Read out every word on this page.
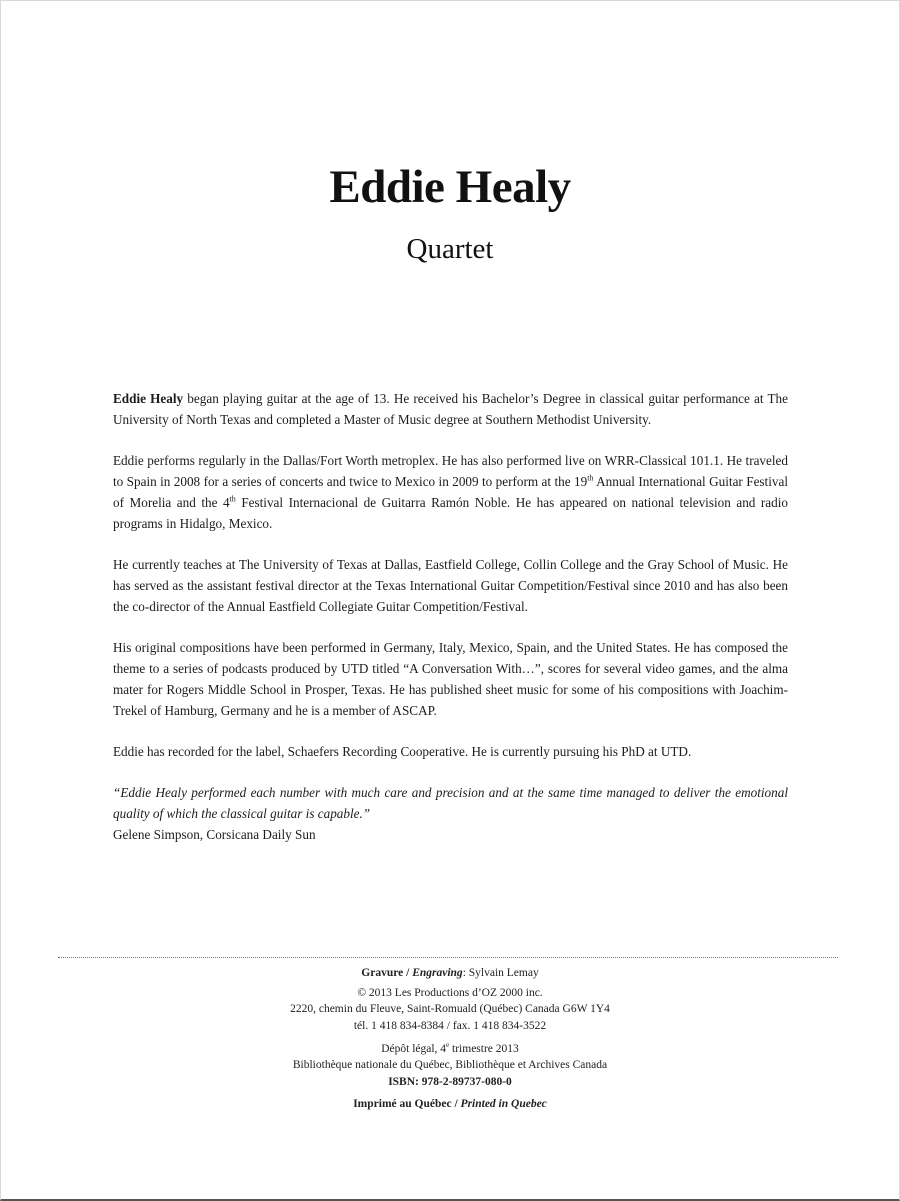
Eddie Healy
Quartet

Eddie Healy began playing guitar at the age of 13. He received his Bachelor’s Degree in classical guitar performance at The University of North Texas and completed a Master of Music degree at Southern Methodist University.

Eddie performs regularly in the Dallas/Fort Worth metroplex. He has also performed live on WRR-Classical 101.1. He traveled to Spain in 2008 for a series of concerts and twice to Mexico in 2009 to perform at the 19th Annual International Guitar Festival of Morelia and the 4th Festival Internacional de Guitarra Ramón Noble. He has appeared on national television and radio programs in Hidalgo, Mexico.

He currently teaches at The University of Texas at Dallas, Eastfield College, Collin College and the Gray School of Music. He has served as the assistant festival director at the Texas International Guitar Competition/Festival since 2010 and has also been the co-director of the Annual Eastfield Collegiate Guitar Competition/Festival.

His original compositions have been performed in Germany, Italy, Mexico, Spain, and the United States. He has composed the theme to a series of podcasts produced by UTD titled “A Conversation With…”, scores for several video games, and the alma mater for Rogers Middle School in Prosper, Texas. He has published sheet music for some of his compositions with Joachim-Trekel of Hamburg, Germany and he is a member of ASCAP.

Eddie has recorded for the label, Schaefers Recording Cooperative. He is currently pursuing his PhD at UTD.

“Eddie Healy performed each number with much care and precision and at the same time managed to deliver the emotional quality of which the classical guitar is capable.”
Gelene Simpson, Corsicana Daily Sun
Gravure / Engraving: Sylvain Lemay
© 2013 Les Productions d’OZ 2000 inc.
2220, chemin du Fleuve, Saint-Romuald (Québec) Canada G6W 1Y4
tél. 1 418 834-8384 / fax. 1 418 834-3522
Dépôt légal, 4e trimestre 2013
Bibliothèque nationale du Québec, Bibliothèque et Archives Canada
ISBN: 978-2-89737-080-0
Imprimé au Québec / Printed in Quebec
